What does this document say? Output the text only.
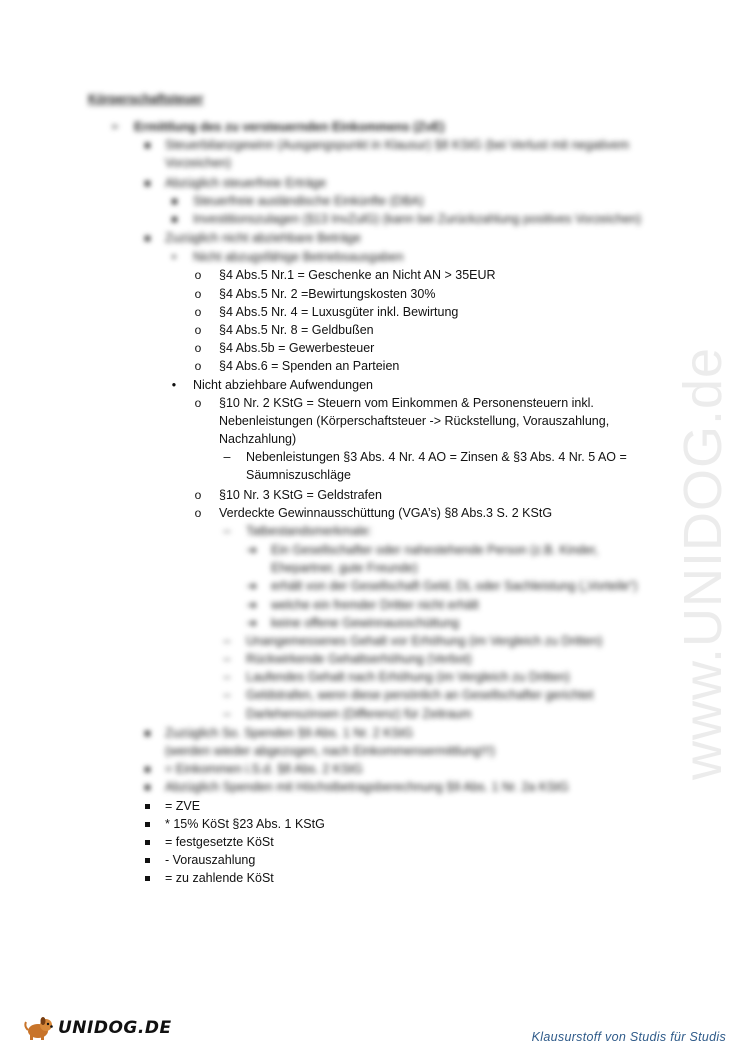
www.UNIDOG.de
Körperschaftsteuer
➢ Ermittlung des zu versteuernden Einkommens (ZvE)
Steuerbilanzgewinn (Ausgangspunkt in Klausur) §8 KStG (bei Verlust mit negativem
Vorzeichen)
Abzüglich steuerfreie Erträge
Steuerfreie ausländische Einkünfte (DBA)
Investitionszulagen (§13 InvZulG) (kann bei Zurückzahlung positives Vorzeichen)
Zuzüglich nicht abziehbare Beträge
•	Nicht abzugsfähige Betriebsausgaben
o	§4 Abs.5 Nr.1 = Geschenke an Nicht AN > 35EUR
o	§4 Abs.5 Nr. 2 =Bewirtungskosten 30%
o	§4 Abs.5 Nr. 4 = Luxusgüter inkl. Bewirtung
o	§4 Abs.5 Nr. 8 = Geldbußen
o	§4 Abs.5b = Gewerbesteuer
o	§4 Abs.6 = Spenden an Parteien
•	Nicht abziehbare Aufwendungen
o	§10 Nr. 2 KStG = Steuern vom Einkommen & Personensteuern inkl.
Nebenleistungen (Körperschaftsteuer -> Rückstellung, Vorauszahlung,
Nachzahlung)
–	Nebenleistungen §3 Abs. 4 Nr. 4 AO = Zinsen & §3 Abs. 4 Nr. 5 AO =
Säumniszuschläge
o	§10 Nr. 3 KStG = Geldstrafen
o	Verdeckte Gewinnausschüttung (VGA’s) §8 Abs.3 S. 2 KStG
–	Tatbestandsmerkmale:
➔ Ein Gesellschafter oder nahestehende Person (z.B. Kinder,
Ehepartner, gute Freunde)
➔ erhält von der Gesellschaft Geld, DL oder Sachleistung („Vorteile“)
➔ welche ein fremder Dritter nicht erhält
➔ keine offene Gewinnausschüttung
–	Unangemessenes Gehalt vor Erhöhung (im Vergleich zu Dritten)
–	Rückwirkende Gehaltserhöhung (Verbot)
–	Laufendes Gehalt nach Erhöhung (im Vergleich zu Dritten)
–	Geldstrafen, wenn diese persönlich an Gesellschafter gerichtet
–	Darlehenszinsen (Differenz) für Zeitraum
Zuzüglich So. Spenden §9 Abs. 1 Nr. 2 KStG
(werden wieder abgezogen, nach Einkommensermittlung!!!)
= Einkommen i.S.d. §8 Abs. 2 KStG
Abzüglich Spenden mit Höchstbetragsberechnung §9 Abs. 1 Nr. 2a KStG
= ZVE
* 15% KöSt §23 Abs. 1 KStG
= festgesetzte KöSt
- Vorauszahlung
= zu zahlende KöSt
UNIDOG.DE	Klausurstoff von Studis für Studis
